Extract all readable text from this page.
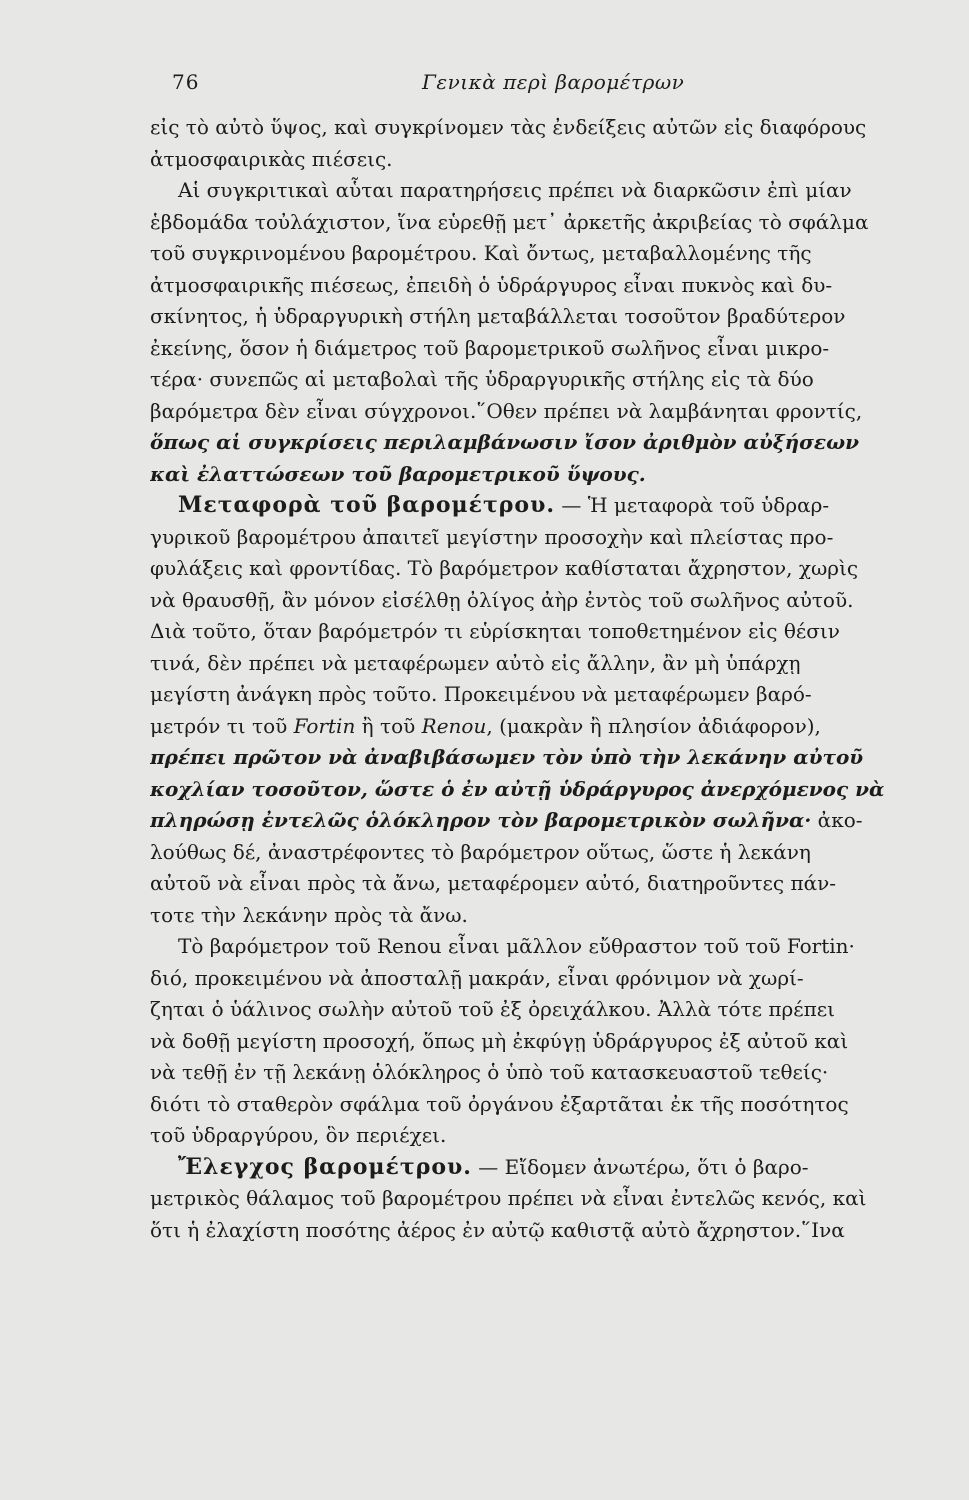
76	Γενικὰ περὶ βαρομέτρων
εἰς τὸ αὐτὸ ὕψος, καὶ συγκρίνομεν τὰς ἐνδείξεις αὐτῶν εἰς διαφόρους
ἀτμοσφαιρικὰς πιέσεις.
Αἱ συγκριτικαὶ αὗται παρατηρήσεις πρέπει νὰ διαρκῶσιν ἐπὶ μίαν
ἑβδομάδα τοὐλάχιστον, ἵνα εὑρεθῇ μετ᾽ ἀρκετῆς ἀκριβείας τὸ σφάλμα
τοῦ συγκρινομένου βαρομέτρου. Καὶ ὄντως, μεταβαλλομένης τῆς
ἀτμοσφαιρικῆς πιέσεως, ἐπειδὴ ὁ ὑδράργυρος εἶναι πυκνὸς καὶ δυ-
σκίνητος, ἡ ὑδραργυρικὴ στήλη μεταβάλλεται τοσοῦτον βραδύτερον
ἐκείνης, ὅσον ἡ διάμετρος τοῦ βαρομετρικοῦ σωλῆνος εἶναι μικρο-
τέρα· συνεπῶς αἱ μεταβολαὶ τῆς ὑδραργυρικῆς στήλης εἰς τὰ δύο
βαρόμετρα δὲν εἶναι σύγχρονοι.῞Οθεν πρέπει νὰ λαμβάνηται φροντίς,
ὅπως αἱ συγκρίσεις περιλαμβάνωσιν ἴσον ἀριθμὸν αὐξήσεων
καὶ ἐλαττώσεων τοῦ βαρομετρικοῦ ὕψους.
Μεταφορὰ τοῦ βαρομέτρου. — Ἡ μεταφορὰ τοῦ ὑδραρ-
γυρικοῦ βαρομέτρου ἀπαιτεῖ μεγίστην προσοχὴν καὶ πλείστας προ-
φυλάξεις καὶ φροντίδας. Τὸ βαρόμετρον καθίσταται ἄχρηστον, χωρὶς
νὰ θραυσθῇ, ἂν μόνον εἰσέλθῃ ὀλίγος ἀὴρ ἐντὸς τοῦ σωλῆνος αὐτοῦ.
Διὰ τοῦτο, ὅταν βαρόμετρόν τι εὑρίσκηται τοποθετημένον εἰς θέσιν
τινά, δὲν πρέπει νὰ μεταφέρωμεν αὐτὸ εἰς ἄλλην, ἂν μὴ ὑπάρχῃ
μεγίστη ἀνάγκη πρὸς τοῦτο. Προκειμένου νὰ μεταφέρωμεν βαρό-
μετρόν τι τοῦ Fortin ἢ τοῦ Renou, (μακρὰν ἢ πλησίον ἀδιάφορον),
πρέπει πρῶτον νὰ ἀναβιβάσωμεν τὸν ὑπὸ τὴν λεκάνην αὐτοῦ
κοχλίαν τοσοῦτον, ὥστε ὁ ἐν αὐτῇ ὑδράργυρος ἀνερχόμενος νὰ
πληρώσῃ ἐντελῶς ὁλόκληρον τὸν βαρομετρικὸν σωλῆνα· ἀκο-
λούθως δέ, ἀναστρέφοντες τὸ βαρόμετρον οὕτως, ὥστε ἡ λεκάνη
αὐτοῦ νὰ εἶναι πρὸς τὰ ἄνω, μεταφέρομεν αὐτό, διατηροῦντες πάν-
τοτε τὴν λεκάνην πρὸς τὰ ἄνω.
Τὸ βαρόμετρον τοῦ Renou εἶναι μᾶλλον εὔθραστον τοῦ τοῦ Fortin·
διό, προκειμένου νὰ ἀποσταλῇ μακράν, εἶναι φρόνιμον νὰ χωρί-
ζηται ὁ ὑάλινος σωλὴν αὐτοῦ τοῦ ἐξ ὀρειχάλκου. Ἀλλὰ τότε πρέπει
νὰ δοθῇ μεγίστη προσοχή, ὅπως μὴ ἐκφύγῃ ὑδράργυρος ἐξ αὐτοῦ καὶ
νὰ τεθῇ ἐν τῇ λεκάνῃ ὁλόκληρος ὁ ὑπὸ τοῦ κατασκευαστοῦ τεθείς·
διότι τὸ σταθερὸν σφάλμα τοῦ ὀργάνου ἐξαρτᾶται ἐκ τῆς ποσότητος
τοῦ ὑδραργύρου, ὃν περιέχει.
Ἔλεγχος βαρομέτρου. — Εἴδομεν ἀνωτέρω, ὅτι ὁ βαρο-
μετρικὸς θάλαμος τοῦ βαρομέτρου πρέπει νὰ εἶναι ἐντελῶς κενός, καὶ
ὅτι ἡ ἐλαχίστη ποσότης ἀέρος ἐν αὐτῷ καθιστᾷ αὐτὸ ἄχρηστον.῞Ινα
